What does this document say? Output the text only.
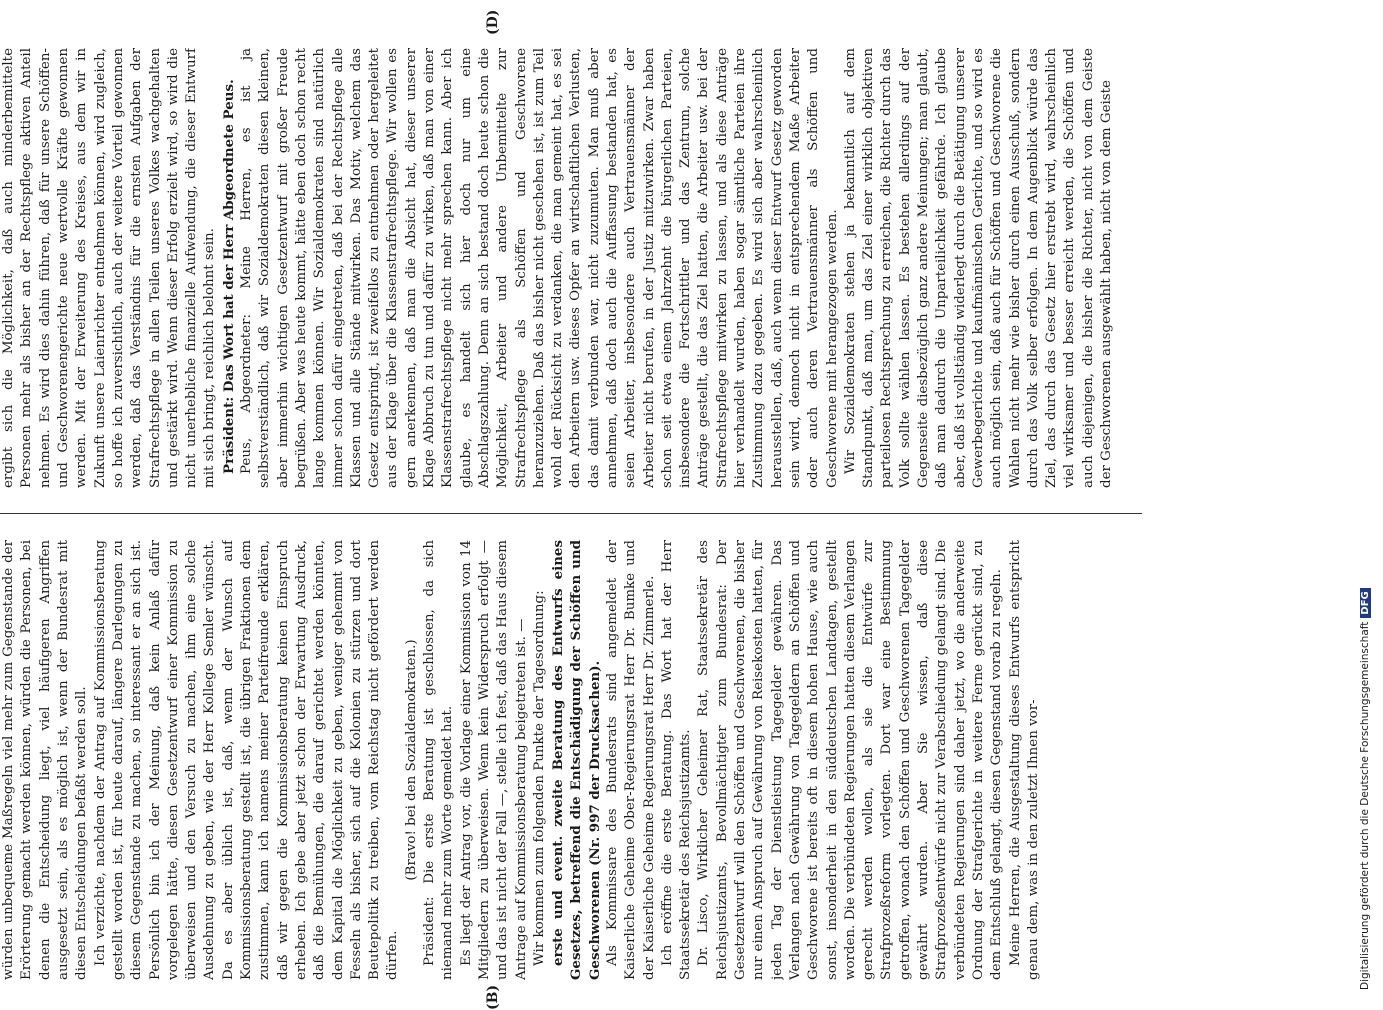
würden unbequeme Maßregeln viel mehr zum Gegenstande der Erörterung gemacht werden können, würden die Personen, bei denen die Entscheidung liegt, viel häufigeren Angriffen ausgesetzt sein, als es möglich ist, wenn der Bundesrat mit diesen Entscheidungen befaßt werden soll. Ich verzichte, nachdem der Antrag auf Kommissionsberatung gestellt worden ist, für heute darauf, längere Darlegungen zu diesem Gegenstande zu machen, so interessant er an sich ist. Persönlich bin ich der Meinung, daß kein Anlaß dafür vorgelegen hätte, diesen Gesetzentwurf einer Kommission zu überweisen und den Versuch zu machen, ihm eine solche Ausdehnung zu geben, wie der Herr Kollege Semler wünscht. Da es aber üblich ist, daß, wenn der Wunsch auf Kommissionsberatung gestellt ist, die übrigen Fraktionen dem zustimmen, kann ich namens meiner Parteifreunde erklären, daß wir gegen die Kommissionsberatung keinen Einspruch erheben. Ich gebe aber jetzt schon der Erwartung Ausdruck, daß die Bemühungen, die darauf gerichtet werden könnten, dem Kapital die Möglichkeit zu geben, weniger gehemmt von Fesseln als bisher, sich auf die Kolonien zu stürzen und dort Beutepolitik zu treiben, vom Reichstag nicht gefördert werden dürfen.

(Bravo! bei den Sozialdemokraten.) Präsident: Die erste Beratung ist geschlossen, da sich niemand mehr zum Worte gemeldet hat. Es liegt der Antrag vor, die Vorlage einer Kommission von 14 Mitgliedern zu überweisen. Wenn kein Widerspruch erfolgt — und das ist nicht der Fall —, stelle ich fest, daß das Haus diesem Antrage auf Kommissionsberatung beigetreten ist. — Wir kommen zum folgenden Punkte der Tagesordnung: erste und event. zweite Beratung des Entwurfs eines Gesetzes, betreffend die Entschädigung der Schöffen und Geschworenen (Nr. 997 der Drucksachen). Als Kommissare des Bundesrats sind angemeldet der Kaiserliche Geheime Ober-Regierungsrat Herr Dr. Bumke und der Kaiserliche Geheime Regierungsrat Herr Dr. Zimmerle. Ich eröffne die erste Beratung. Das Wort hat der Herr Staatssekretär des Reichsjustizamts. Dr. Lisco, Wirklicher Geheimer Rat, Staatssekretär des Reichsjustizamts, Bevollmächtigter zum Bundesrat: Der Gesetzentwurf will den Schöffen und Geschworenen, die bisher nur einen Anspruch auf Gewährung von Reisekosten hatten, für jeden Tag der Dienstleistung Tagegelder gewähren. Das Verlangen nach Gewährung von Tagegeldern an Schöffen und Geschworene ist bereits oft in diesem hohen Hause, wie auch sonst, insonderheit in den süddeutschen Landtagen, gestellt worden. Die verbündeten Regierungen hatten diesem Verlangen gerecht werden wollen, als sie die Entwürfe zur Strafprozeßreform vorlegten. Dort war eine Bestimmung getroffen, wonach den Schöffen und Geschworenen Tagegelder gewährt wurden. Aber Sie wissen, daß diese Strafprozeßentwürfe nicht zur Verabschiedung gelangt sind. Die verbündeten Regierungen sind daher jetzt, wo die anderweite Ordnung der Strafgerichte in weitere Ferne gerückt sind, zu dem Entschluß gelangt, diesen Gegenstand vorab zu regeln. Meine Herren, die Ausgestaltung dieses Entwurfs entspricht genau dem, was in den zuletzt Ihnen vor-

ergibt sich die Möglichkeit, daß auch minderbemittelte Personen mehr als bisher an der Rechtspflege aktiven Anteil nehmen. Es wird dies dahin führen, daß für unsere Schöffen- und Geschworenengerichte neue wertvolle Kräfte gewonnen werden. Mit der Erweiterung des Kreises, aus dem wir in Zukunft unsere Laienrichter entnehmen können, wird zugleich, so hoffe ich zuversichtlich, auch der weitere Vorteil gewonnen werden, daß das Verständnis für die ernsten Aufgaben der Strafrechtspflege in allen Teilen unseres Volkes wachgehalten und gestärkt wird. Wenn dieser Erfolg erzielt wird, so wird die nicht unerhebliche finanzielle Aufwendung, die dieser Entwurf mit sich bringt, reichlich belohnt sein. Präsident: Das Wort hat der Herr Abgeordnete Peus. Peus, Abgeordneter: Meine Herren, es ist ja selbstverständlich, daß wir Sozialdemokraten diesen kleinen, aber immerhin wichtigen Gesetzentwurf mit großer Freude begrüßen. Aber was heute kommt, hätte eben doch schon recht lange kommen können. Wir Sozialdemokraten sind natürlich immer schon dafür eingetreten, daß bei der Rechtspflege alle Klassen und alle Stände mitwirken. Das Motiv, welchem das Gesetz entspringt, ist zweifellos zu entnehmen oder hergeleitet aus der Klage über die Klassenstrafrechtspflege. Wir wollen es gern anerkennen, daß man die Absicht hat, dieser unserer Klage Abbruch zu tun und dafür zu wirken, daß man von einer Klassenstrafrechtspflege nicht mehr sprechen kann. Aber ich glaube, es handelt sich hier doch nur um eine Abschlagszahlung. Denn an sich bestand doch heute schon die Möglichkeit, Arbeiter und andere Unbemittelte zur Strafrechtspflege als Schöffen und Geschworene heranzuziehen. Daß das bisher nicht geschehen ist, ist zum Teil wohl der Rücksicht zu verdanken, die man gemeint hat, es sei den Arbeitern usw. dieses Opfer an wirtschaftlichen Verlusten, das damit verbunden war, nicht zuzumuten. Man muß aber annehmen, daß doch auch die Auffassung bestanden hat, es seien Arbeiter, insbesondere auch Vertrauensmänner der Arbeiter nicht berufen, in der Justiz mitzuwirken. Zwar haben schon seit etwa einem Jahrzehnt die bürgerlichen Parteien, insbesondere die Fortschrittler und das Zentrum, solche Anträge gestellt, die das Ziel hatten, die Arbeiter usw. bei der Strafrechtspflege mitwirken zu lassen, und als diese Anträge hier verhandelt wurden, haben sogar sämtliche Parteien ihre Zustimmung dazu gegeben. Es wird sich aber wahrscheinlich herausstellen, daß, auch wenn dieser Entwurf Gesetz geworden sein wird, dennoch nicht in entsprechendem Maße Arbeiter oder auch deren Vertrauensmänner als Schöffen und Geschworene mit herangezogen werden. Wir Sozialdemokraten stehen ja bekanntlich auf dem Standpunkt, daß man, um das Ziel einer wirklich objektiven parteilosen Rechtsprechung zu erreichen, die Richter durch das Volk sollte wählen lassen. Es bestehen allerdings auf der Gegenseite diesbezüglich ganz andere Meinungen; man glaubt, daß man dadurch die Unparteilichkeit gefährde. Ich glaube aber, daß ist vollständig widerlegt durch die Betätigung unserer Gewerbegerichte und kaufmännischen Gerichte, und so wird es auch möglich sein, daß auch für Schöffen und Geschworene die Wahlen nicht mehr wie bisher durch einen Ausschuß, sondern durch das Volk selber erfolgen. In dem Augenblick würde das Ziel, das durch das Gesetz hier erstrebt wird, wahrscheinlich viel wirksamer und besser erreicht werden, die Schöffen und auch diejenigen, die bisher die Richter, nicht von dem Geiste der Geschworenen ausgewählt haben, nicht von dem Geiste

(B)
(D)
Digitalisierung gefördert durch die Deutsche ForschungsgemeinschaftDFG
